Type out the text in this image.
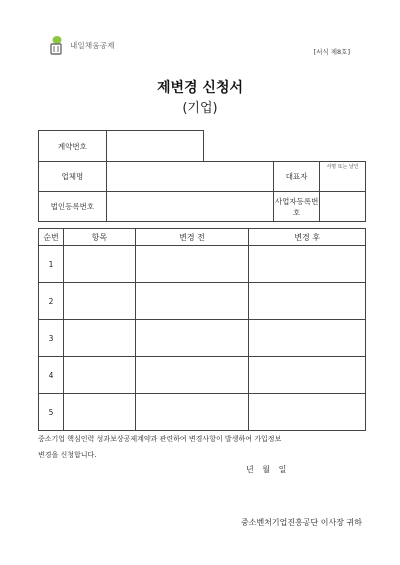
내일채움공제
[서식 제8호]
제변경 신청서
(기업)
계약번호				
업체명			대표자	서명 또는 날인

법인등록번호			사업자등록번호	
순번	항목	변경 전	변경 후
1			
2			
3			
4			
5			
중소기업 핵심인력 성과보상공제계약과 관련하여 변경사항이 발생하여 가입정보
변경을 신청합니다.
년 월 일
중소벤처기업진흥공단 이사장 귀하
